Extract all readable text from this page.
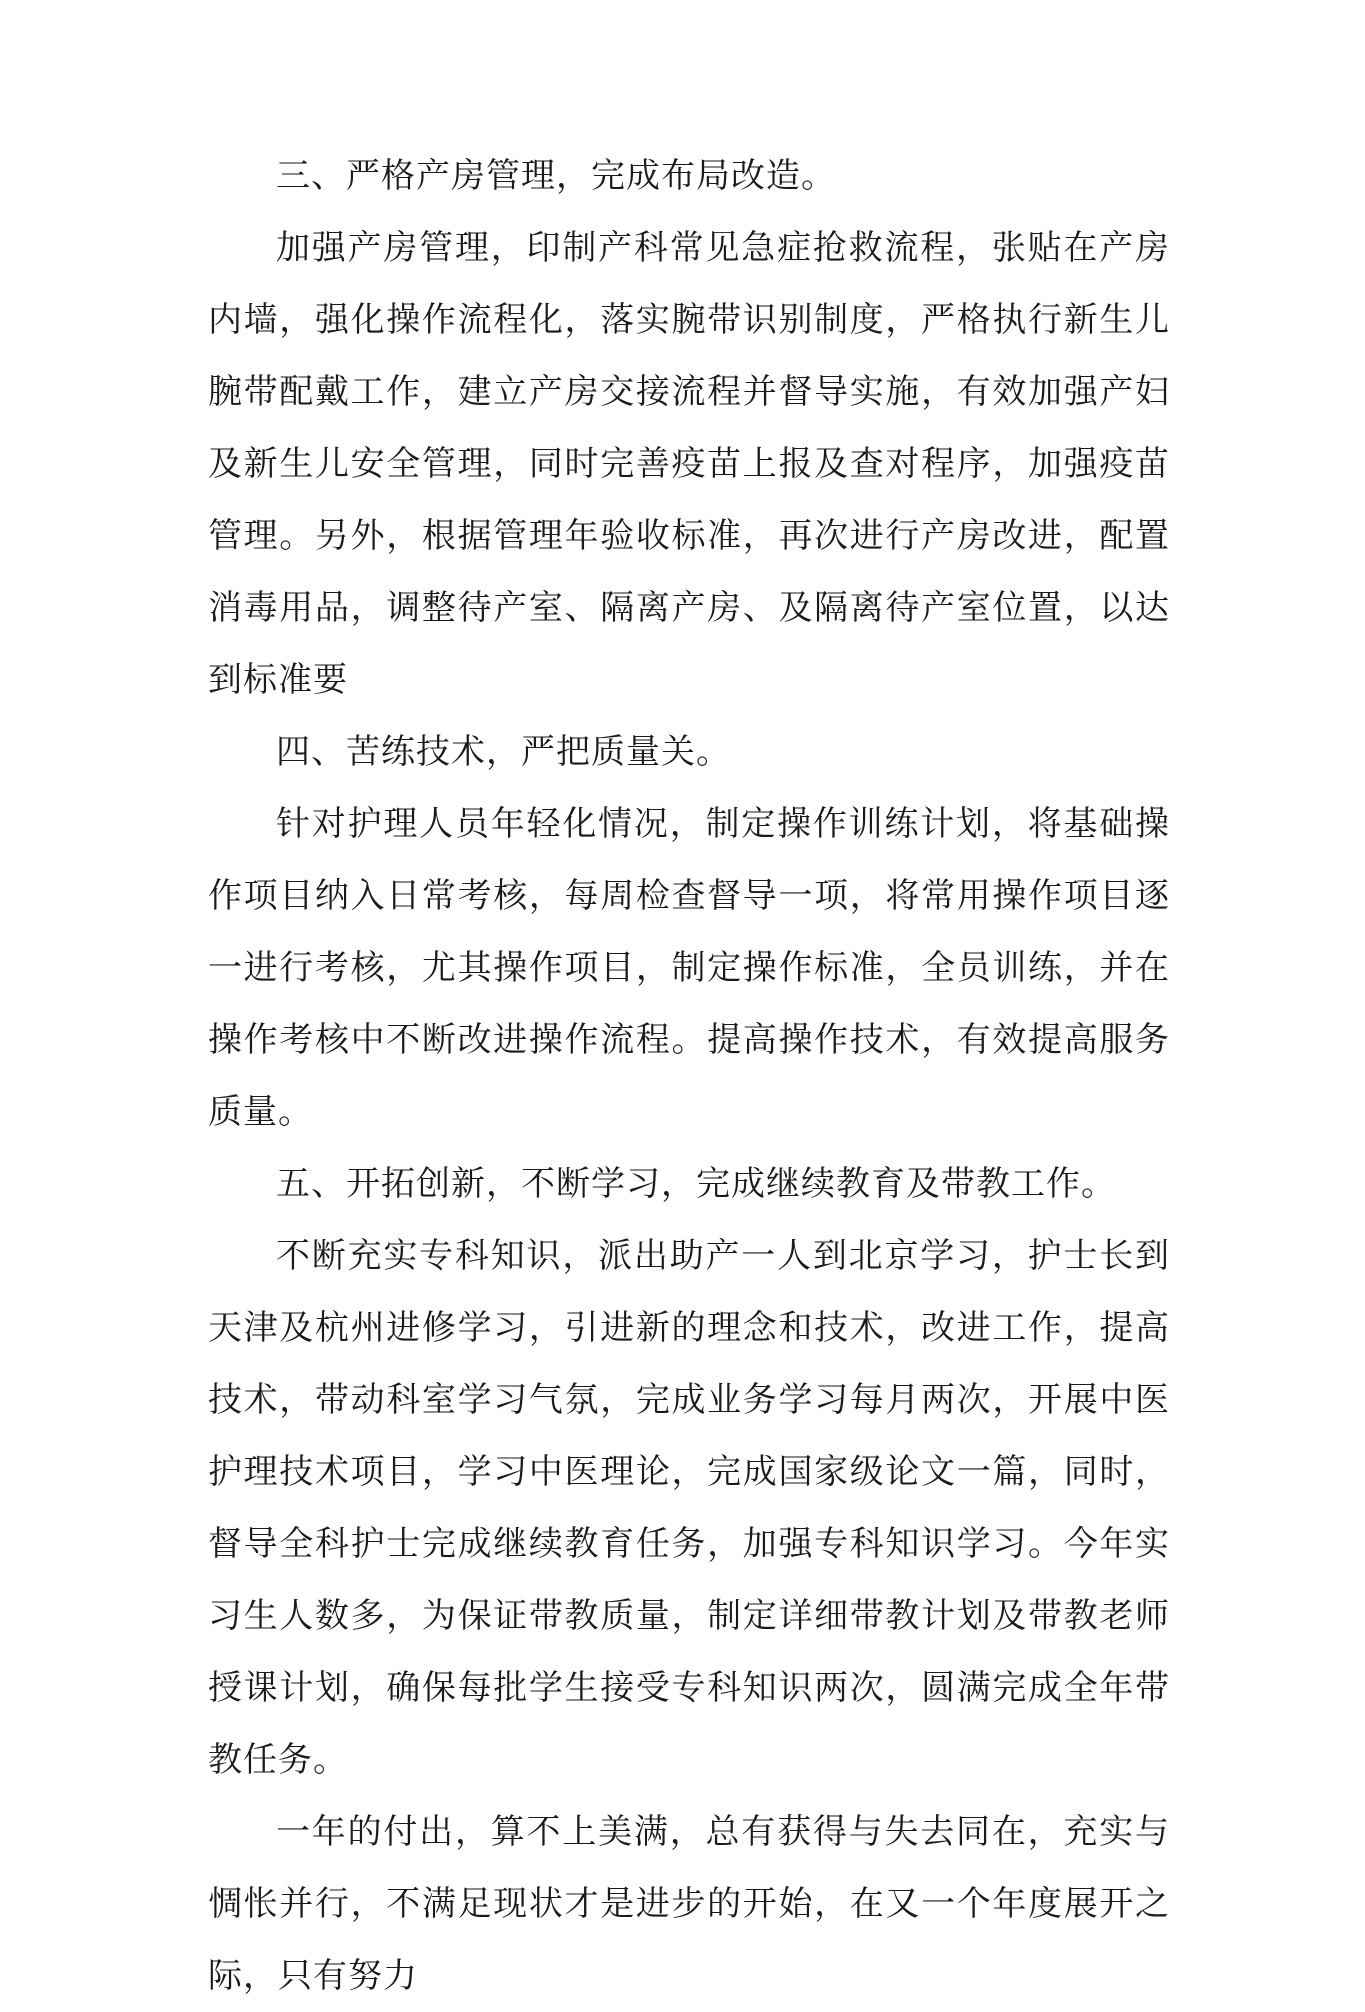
三、严格产房管理，完成布局改造。

加强产房管理，印制产科常见急症抢救流程，张贴在产房内墙，强化操作流程化，落实腕带识别制度，严格执行新生儿腕带配戴工作，建立产房交接流程并督导实施，有效加强产妇及新生儿安全管理，同时完善疫苗上报及查对程序，加强疫苗管理。另外，根据管理年验收标准，再次进行产房改进，配置消毒用品，调整待产室、隔离产房、及隔离待产室位置，以达到标准要

四、苦练技术，严把质量关。

针对护理人员年轻化情况，制定操作训练计划，将基础操作项目纳入日常考核，每周检查督导一项，将常用操作项目逐一进行考核，尤其操作项目，制定操作标准，全员训练，并在操作考核中不断改进操作流程。提高操作技术，有效提高服务质量。

五、开拓创新，不断学习，完成继续教育及带教工作。

不断充实专科知识，派出助产一人到北京学习，护士长到天津及杭州进修学习，引进新的理念和技术，改进工作，提高技术，带动科室学习气氛，完成业务学习每月两次，开展中医护理技术项目，学习中医理论，完成国家级论文一篇，同时，督导全科护士完成继续教育任务，加强专科知识学习。今年实习生人数多，为保证带教质量，制定详细带教计划及带教老师授课计划，确保每批学生接受专科知识两次，圆满完成全年带教任务。

一年的付出，算不上美满，总有获得与失去同在，充实与惆怅并行，不满足现状才是进步的开始，在又一个年度展开之际，只有努力
